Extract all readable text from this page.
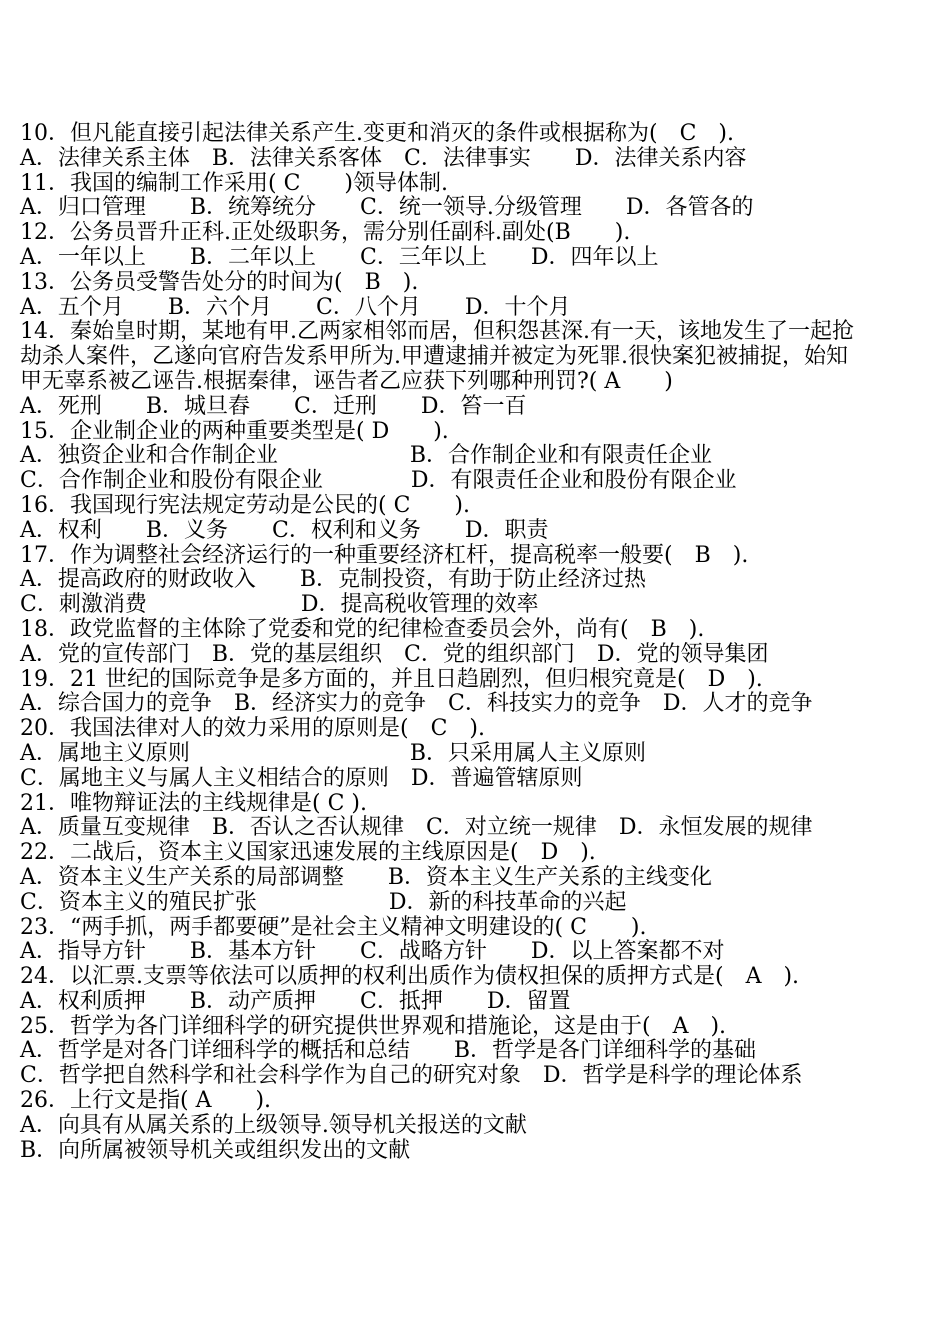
10．但凡能直接引起法律关系产生.变更和消灭的条件或根据称为(　C　).
A．法律关系主体　B．法律关系客体　C．法律事实　　D．法律关系内容
11．我国的编制工作采用( C　　)领导体制.
A．归口管理　　B．统筹统分　　C．统一领导.分级管理　　D．各管各的
12．公务员晋升正科.正处级职务，需分别任副科.副处(B　　).
A．一年以上　　B．二年以上　　C．三年以上　　D．四年以上
13．公务员受警告处分的时间为(　B　).
A．五个月　　B．六个月　　C．八个月　　D．十个月
14．秦始皇时期，某地有甲.乙两家相邻而居，但积怨甚深.有一天，该地发生了一起抢
劫杀人案件，乙遂向官府告发系甲所为.甲遭逮捕并被定为死罪.很快案犯被捕捉，始知
甲无辜系被乙诬告.根据秦律，诬告者乙应获下列哪种刑罚?( A　　)
A．死刑　　B．城旦舂　　C．迁刑　　D．笞一百
15．企业制企业的两种重要类型是( D　　).
A．独资企业和合作制企业　　　　　　B．合作制企业和有限责任企业
C．合作制企业和股份有限企业　　　　D．有限责任企业和股份有限企业
16．我国现行宪法规定劳动是公民的( C　　).
A．权利　　B．义务　　C．权利和义务　　D．职责
17．作为调整社会经济运行的一种重要经济杠杆，提高税率一般要(　B　).
A．提高政府的财政收入　　B．克制投资，有助于防止经济过热
C．刺激消费　　　　　　　D．提高税收管理的效率
18．政党监督的主体除了党委和党的纪律检查委员会外，尚有(　B　).
A．党的宣传部门　B．党的基层组织　C．党的组织部门　D．党的领导集团
19．21 世纪的国际竞争是多方面的，并且日趋剧烈，但归根究竟是(　D　).
A．综合国力的竞争　B．经济实力的竞争　C．科技实力的竞争　D．人才的竞争
20．我国法律对人的效力采用的原则是(　C　).
A．属地主义原则　　　　　　　　　　B．只采用属人主义原则
C．属地主义与属人主义相结合的原则　D．普遍管辖原则
21．唯物辩证法的主线规律是( C ).
A．质量互变规律　B．否认之否认规律　C．对立统一规律　D．永恒发展的规律
22．二战后，资本主义国家迅速发展的主线原因是(　D　).
A．资本主义生产关系的局部调整　　B．资本主义生产关系的主线变化
C．资本主义的殖民扩张　　　　　　D．新的科技革命的兴起
23．“两手抓，两手都要硬”是社会主义精神文明建设的( C　　).
A．指导方针　　B．基本方针　　C．战略方针　　D．以上答案都不对
24．以汇票.支票等依法可以质押的权利出质作为债权担保的质押方式是(　A　).
A．权利质押　　B．动产质押　　C．抵押　　D．留置
25．哲学为各门详细科学的研究提供世界观和措施论，这是由于(　A　).
A．哲学是对各门详细科学的概括和总结　　B．哲学是各门详细科学的基础
C．哲学把自然科学和社会科学作为自己的研究对象　D．哲学是科学的理论体系
26．上行文是指( A　　).
A．向具有从属关系的上级领导.领导机关报送的文献
B．向所属被领导机关或组织发出的文献
